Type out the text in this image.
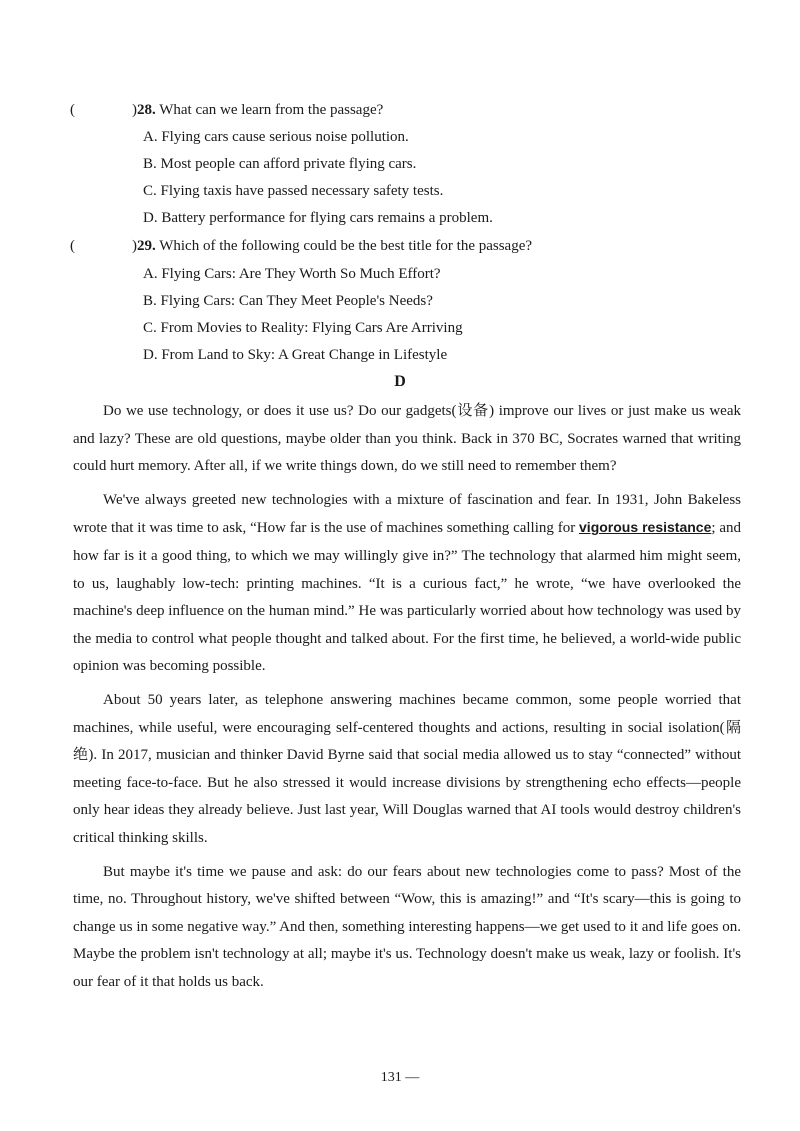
(	)28. What can we learn from the passage?
A. Flying cars cause serious noise pollution.
B. Most people can afford private flying cars.
C. Flying taxis have passed necessary safety tests.
D. Battery performance for flying cars remains a problem.
(	)29. Which of the following could be the best title for the passage?
A. Flying Cars: Are They Worth So Much Effort?
B. Flying Cars: Can They Meet People's Needs?
C. From Movies to Reality: Flying Cars Are Arriving
D. From Land to Sky: A Great Change in Lifestyle
D

Do we use technology, or does it use us? Do our gadgets(设备) improve our lives or just make us weak and lazy? These are old questions, maybe older than you think. Back in 370 BC, Socrates warned that writing could hurt memory. After all, if we write things down, do we still need to remember them?

We've always greeted new technologies with a mixture of fascination and fear. In 1931, John Bakeless wrote that it was time to ask, “How far is the use of machines something calling for vigorous resistance; and how far is it a good thing, to which we may willingly give in?” The technology that alarmed him might seem, to us, laughably low-tech: printing machines. “It is a curious fact,” he wrote, “we have overlooked the machine's deep influence on the human mind.” He was particularly worried about how technology was used by the media to control what people thought and talked about. For the first time, he believed, a world-wide public opinion was becoming possible.

About 50 years later, as telephone answering machines became common, some people worried that machines, while useful, were encouraging self-centered thoughts and actions, resulting in social isolation(隔绝). In 2017, musician and thinker David Byrne said that social media allowed us to stay “connected” without meeting face-to-face. But he also stressed it would increase divisions by strengthening echo effects—people only hear ideas they already believe. Just last year, Will Douglas warned that AI tools would destroy children's critical thinking skills.

But maybe it's time we pause and ask: do our fears about new technologies come to pass? Most of the time, no. Throughout history, we've shifted between “Wow, this is amazing!” and “It's scary—this is going to change us in some negative way.” And then, something interesting happens—we get used to it and life goes on. Maybe the problem isn't technology at all; maybe it's us. Technology doesn't make us weak, lazy or foolish. It's our fear of it that holds us back.

131 —
